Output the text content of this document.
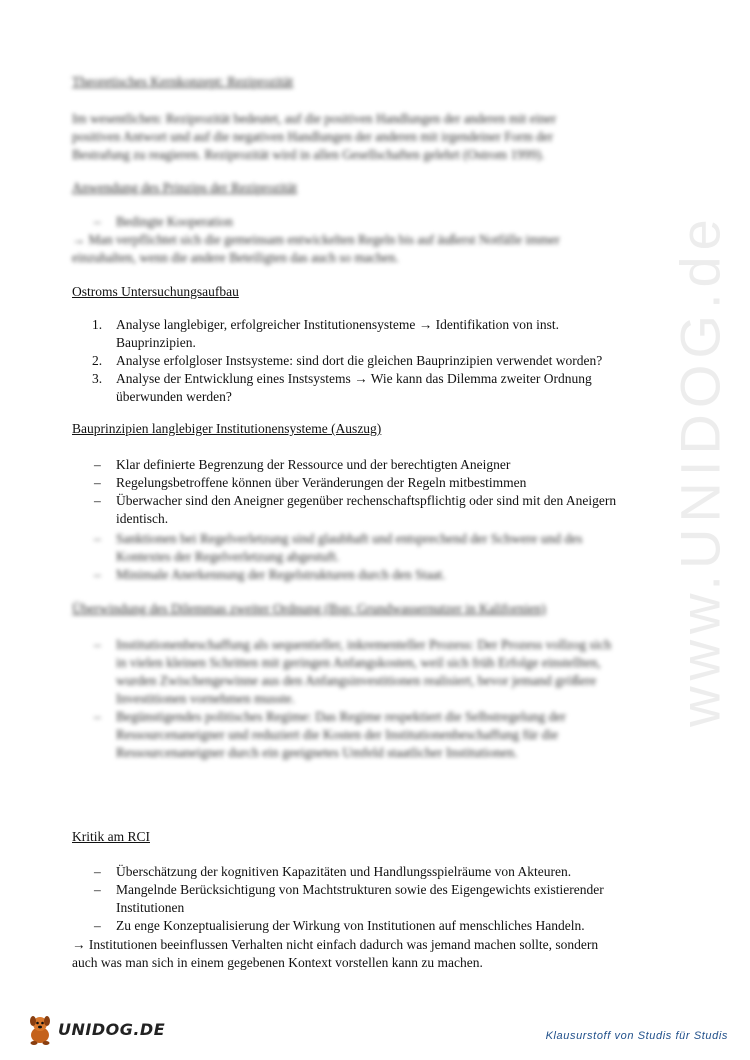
www.UNIDOG.de
Theoretisches Kernkonzept: Reziprozität
Im wesentlichen: Reziprozität bedeutet, auf die positiven Handlungen der anderen mit einer
positiven Antwort und auf die negativen Handlungen der anderen mit irgendeiner Form der
Bestrafung zu reagieren. Reziprozität wird in allen Gesellschaften gelehrt (Ostrom 1999).
Anwendung des Prinzips der Reziprozität
– Bedingte Kooperation
→ Man verpflichtet sich die gemeinsam entwickelten Regeln bis auf äußerst Notfälle immer
einzuhalten, wenn die andere Beteiligten das auch so machen.
Ostroms Untersuchungsaufbau
1. Analyse langlebiger, erfolgreicher Institutionensysteme → Identifikation von inst.
Bauprinzipien.
2. Analyse erfolgloser Instsysteme: sind dort die gleichen Bauprinzipien verwendet worden?
3. Analyse der Entwicklung eines Instsystems → Wie kann das Dilemma zweiter Ordnung
überwunden werden?
Bauprinzipien langlebiger Institutionensysteme (Auszug)
– Klar definierte Begrenzung der Ressource und der berechtigten Aneigner
– Regelungsbetroffene können über Veränderungen der Regeln mitbestimmen
– Überwacher sind den Aneigner gegenüber rechenschaftspflichtig oder sind mit den Aneigern
identisch.
– Sanktionen bei Regelverletzung sind glaubhaft und entsprechend der Schwere und des
Kontextes der Regelverletzung abgestuft.
– Minimale Anerkennung der Regelstrukturen durch den Staat.
Überwindung des Dilemmas zweiter Ordnung (Bsp: Grundwassernutzer in Kalifornien)
– Institutionenbeschaffung als sequentieller, inkrementeller Prozess: Der Prozess vollzog sich
in vielen kleinen Schritten mit geringen Anfangskosten, weil sich früh Erfolge einstellten,
wurden Zwischengewinne aus den Anfangsinvestitionen realisiert, bevor jemand größere
Investitionen vornehmen musste.
– Begünstigendes politisches Regime: Das Regime respektiert die Selbstregelung der
Ressourcenaneigner und reduziert die Kosten der Institutionenbeschaffung für die
Ressourcenaneigner durch ein geeignetes Umfeld staatlicher Institutionen.
Kritik am RCI
– Überschätzung der kognitiven Kapazitäten und Handlungsspielräume von Akteuren.
– Mangelnde Berücksichtigung von Machtstrukturen sowie des Eigengewichts existierender
Institutionen
– Zu enge Konzeptualisierung der Wirkung von Institutionen auf menschliches Handeln.
→ Institutionen beeinflussen Verhalten nicht einfach dadurch was jemand machen sollte, sondern
auch was man sich in einem gegebenen Kontext vorstellen kann zu machen.
UNIDOG.DE	Klausurstoff von Studis für Studis
